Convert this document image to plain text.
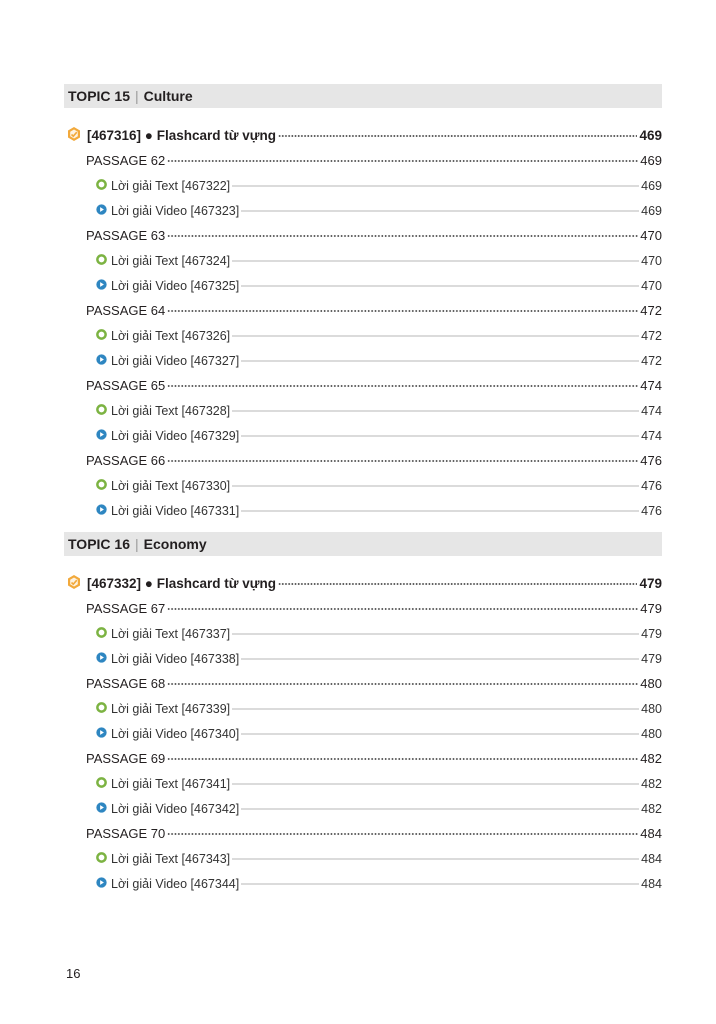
TOPIC 15 | Culture
[467316] ● Flashcard từ vựng	469
PASSAGE 62	469
Lời giải Text [467322]	469
Lời giải Video [467323]	469
PASSAGE 63	470
Lời giải Text [467324]	470
Lời giải Video [467325]	470
PASSAGE 64	472
Lời giải Text [467326]	472
Lời giải Video [467327]	472
PASSAGE 65	474
Lời giải Text [467328]	474
Lời giải Video [467329]	474
PASSAGE 66	476
Lời giải Text [467330]	476
Lời giải Video [467331]	476
TOPIC 16 | Economy
[467332] ● Flashcard từ vựng	479
PASSAGE 67	479
Lời giải Text [467337]	479
Lời giải Video [467338]	479
PASSAGE 68	480
Lời giải Text [467339]	480
Lời giải Video [467340]	480
PASSAGE 69	482
Lời giải Text [467341]	482
Lời giải Video [467342]	482
PASSAGE 70	484
Lời giải Text [467343]	484
Lời giải Video [467344]	484
16
